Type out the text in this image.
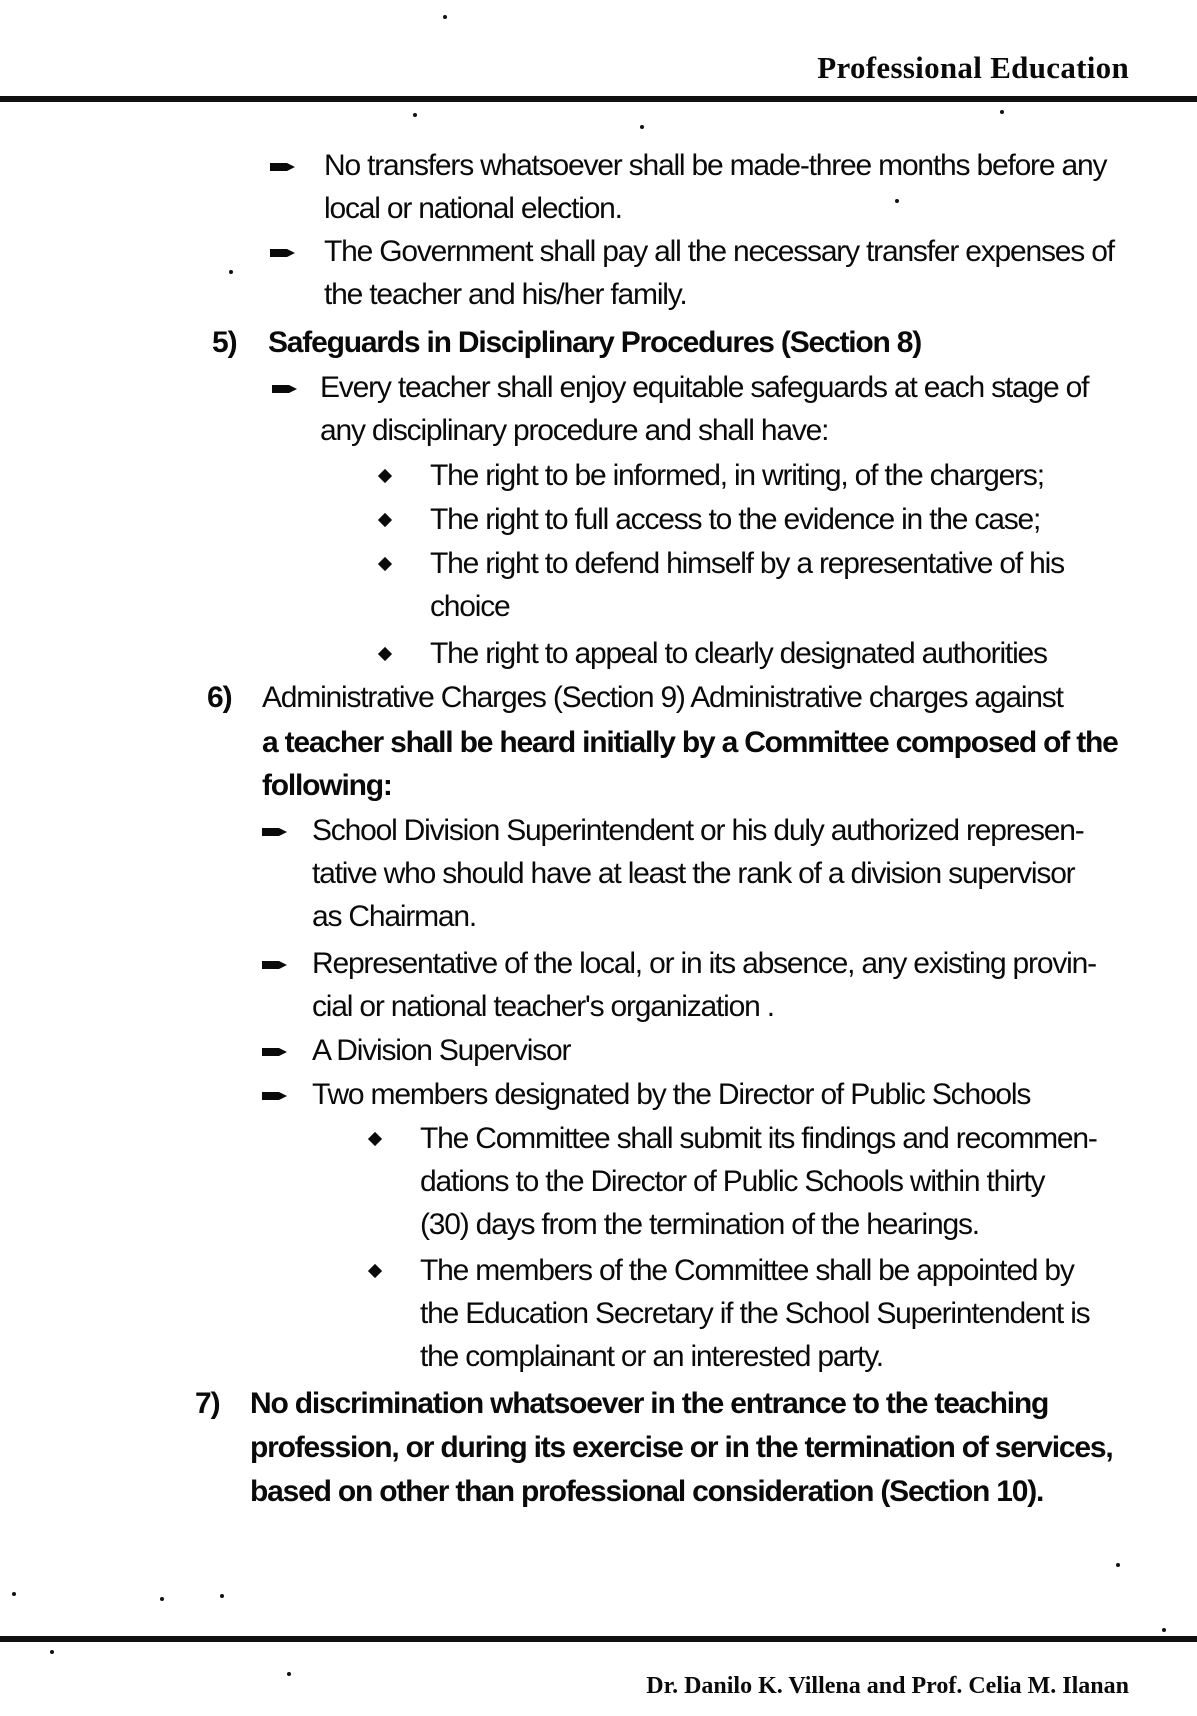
Professional Education
No transfers whatsoever shall be made-three months before any
local or national election.
The Government shall pay all the necessary transfer expenses of
the teacher and his/her family.
5) Safeguards in Disciplinary Procedures (Section 8)
Every teacher shall enjoy equitable safeguards at each stage of
any disciplinary procedure and shall have:
The right to be informed, in writing, of the chargers;
The right to full access to the evidence in the case;
The right to defend himself by a representative of his
choice
The right to appeal to clearly designated authorities
6) Administrative Charges (Section 9) Administrative charges against
a teacher shall be heard initially by a Committee composed of the
following:
School Division Superintendent or his duly authorized represen-
tative who should have at least the rank of a division supervisor
as Chairman.
Representative of the local, or in its absence, any existing provin-
cial or national teacher's organization .
A Division Supervisor
Two members designated by the Director of Public Schools
The Committee shall submit its findings and recommen-
dations to the Director of Public Schools within thirty
(30) days from the termination of the hearings.
The members of the Committee shall be appointed by
the Education Secretary if the School Superintendent is
the complainant or an interested party.
7) No discrimination whatsoever in the entrance to the teaching
profession, or during its exercise or in the termination of services,
based on other than professional consideration (Section 10).
Dr. Danilo K. Villena and Prof. Celia M. Ilanan
